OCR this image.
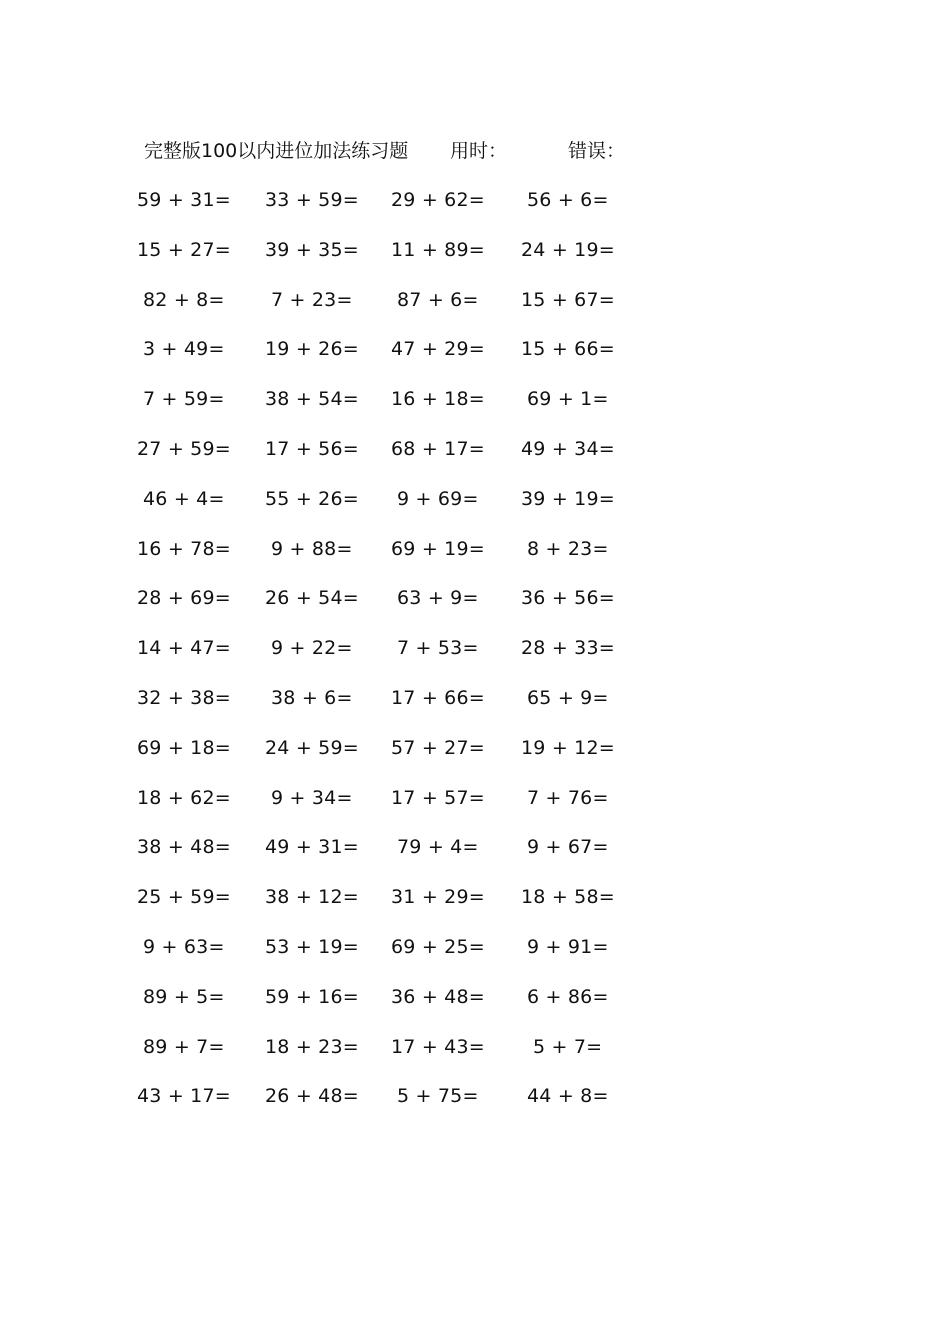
完整版100以内进位加法练习题 用时：	错误：
59 + 31= 33 + 59= 29 + 62= 56 + 6=
15 + 27= 39 + 35= 11 + 89= 24 + 19=
82 + 8= 7 + 23= 87 + 6= 15 + 67=
3 + 49= 19 + 26= 47 + 29= 15 + 66=
7 + 59= 38 + 54= 16 + 18= 69 + 1=
27 + 59= 17 + 56= 68 + 17= 49 + 34=
46 + 4= 55 + 26= 9 + 69= 39 + 19=
16 + 78= 9 + 88= 69 + 19= 8 + 23=
28 + 69= 26 + 54= 63 + 9= 36 + 56=
14 + 47= 9 + 22= 7 + 53= 28 + 33=
32 + 38= 38 + 6= 17 + 66= 65 + 9=
69 + 18= 24 + 59= 57 + 27= 19 + 12=
18 + 62= 9 + 34= 17 + 57= 7 + 76=
38 + 48= 49 + 31= 79 + 4=	9 + 67=
25 + 59= 38 + 12= 31 + 29= 18 + 58=
9 + 63= 53 + 19= 69 + 25= 9 + 91=
89 + 5= 59 + 16= 36 + 48= 6 + 86=
89 + 7= 18 + 23= 17 + 43=	5 + 7=
43 + 17= 26 + 48= 5 + 75=	44 + 8=
